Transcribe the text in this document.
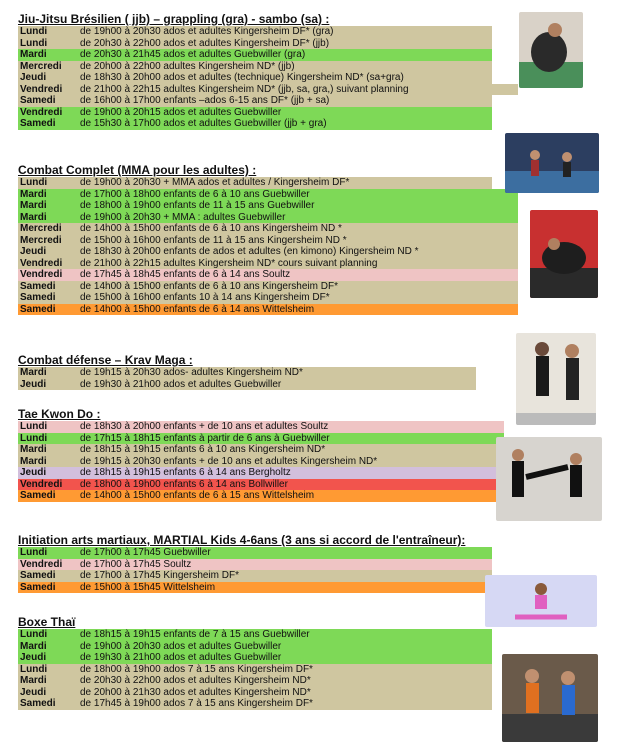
Jiu-Jitsu Brésilien ( jjb) – grappling (gra) - sambo (sa) :
Lundi	de 19h00 à 20h30 ados et adultes Kingersheim DF* (gra)
Lundi	de 20h30 à 22h00 ados et adultes Kingersheim DF* (jjb)
Mardi	de 20h30 à 21h45 ados et adultes Guebwiller (gra)
Mercredi de 20h00 à 22h00 adultes Kingersheim ND* (jjb)
Jeudi	de 18h30 à 20h00 ados et adultes (technique) Kingersheim ND* (sa+gra)
Vendredi de 21h00 à 22h15 adultes Kingersheim ND* (jjb, sa, gra,) suivant planning
Samedi de 16h00 à 17h00 enfants –ados 6-15 ans DF* (jjb + sa)
Vendredi de 19h00 à 20h15 ados et adultes Guebwiller
Samedi de 15h30 à 17h00 ados et adultes Guebwiller (jjb + gra)
Combat Complet (MMA pour les adultes) :
Lundi	de 19h00 à 20h30 + MMA ados et adultes / Kingersheim DF*
Mardi	de 17h00 à 18h00 enfants de 6 à 10 ans Guebwiller
Mardi	de 18h00 à 19h00 enfants de 11 à 15 ans Guebwiller
Mardi	de 19h00 à 20h30 + MMA : adultes Guebwiller
Mercredi de 14h00 à 15h00 enfants de 6 à 10 ans Kingersheim ND *
Mercredi de 15h00 à 16h00 enfants de 11 à 15 ans Kingersheim ND *
Jeudi	de 18h30 à 20h00 enfants de ados et adultes (en kimono) Kingersheim ND *
Vendredi de 21h00 à 22h15 adultes Kingersheim ND* cours suivant planning
Vendredi de 17h45 à 18h45 enfants de 6 à 14 ans Soultz
Samedi de 14h00 à 15h00 enfants de 6 à 10 ans Kingersheim DF*
Samedi de 15h00 à 16h00 enfants 10 à 14 ans Kingersheim DF*
Samedi de 14h00 à 15h00 enfants de 6 à 14 ans Wittelsheim
Combat défense – Krav Maga :
Mardi	de 19h15 à 20h30 ados- adultes Kingersheim ND*
Jeudi	de 19h30 à 21h00 ados et adultes Guebwiller
Tae Kwon Do :
Lundi	de 18h30 à 20h00 enfants + de 10 ans et adultes Soultz
Lundi	de 17h15 à 18h15 enfants à partir de 6 ans à Guebwiller
Mardi	de 18h15 à 19h15 enfants 6 à 10 ans Kingersheim ND*
Mardi	de 19h15 à 20h30 enfants + de 10 ans et adultes Kingersheim ND*
Jeudi	de 18h15 à 19h15 enfants 6 à 14 ans Bergholtz
Vendredi de 18h00 à 19h00 enfants 6 à 14 ans Bollwiller
Samedi de 14h00 à 15h00 enfants de 6 à 15 ans Wittelsheim
Initiation arts martiaux, MARTIAL Kids 4-6ans (3 ans si accord de l'entraîneur):
Lundi	de 17h00 à 17h45 Guebwiller
Vendredi de 17h00 à 17h45 Soultz
Samedi de 17h00 à 17h45 Kingersheim DF*
Samedi de 15h00 à 15h45 Wittelsheim
Boxe Thaï
Lundi	de 18h15 à 19h15 enfants de 7 à 15 ans Guebwiller
Mardi	de 19h00 à 20h30 ados et adultes Guebwiller
Jeudi	de 19h30 à 21h00 ados et adultes Guebwiller
Lundi	de 18h00 à 19h00 ados 7 à 15 ans Kingersheim DF*
Mardi	de 20h30 à 22h00 ados et adultes Kingersheim ND*
Jeudi	de 20h00 à 21h30 ados et adultes Kingersheim ND*
Samedi de 17h45 à 19h00 ados 7 à 15 ans Kingersheim DF*
